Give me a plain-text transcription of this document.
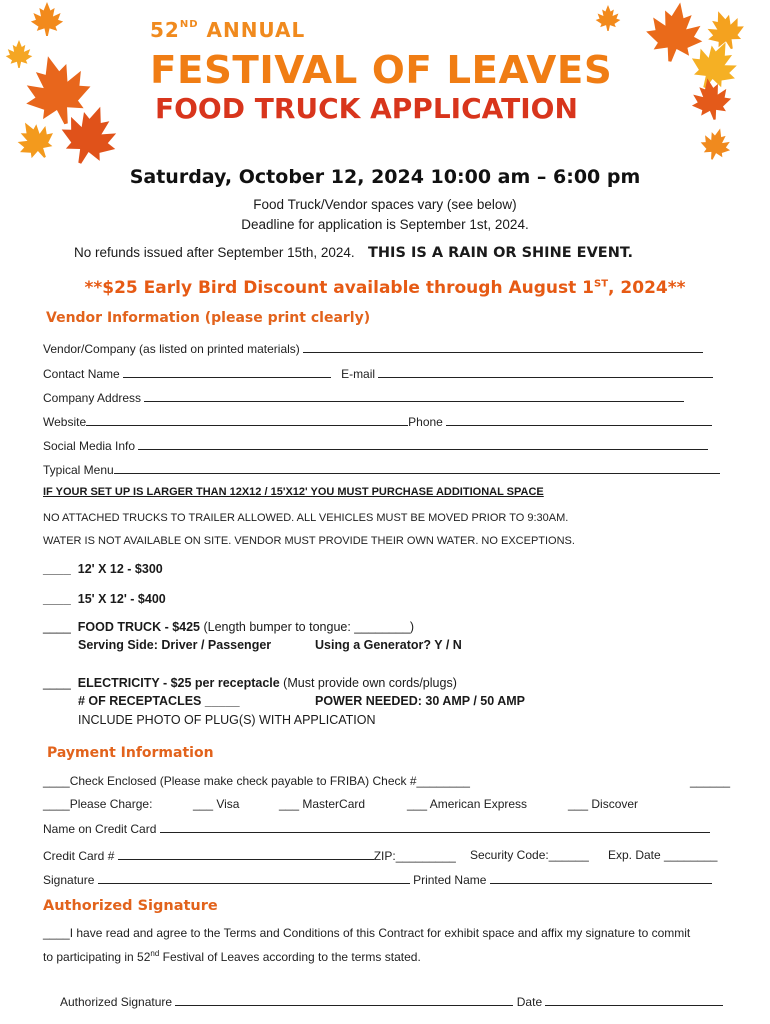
52ND ANNUAL
FESTIVAL OF LEAVES
FOOD TRUCK APPLICATION
Saturday, October 12, 2024 10:00 am – 6:00 pm
Food Truck/Vendor spaces vary (see below)
Deadline for application is September 1st, 2024.
No refunds issued after September 15th, 2024. THIS IS A RAIN OR SHINE EVENT.
**$25 Early Bird Discount available through August 1ST, 2024**
Vendor Information (please print clearly)
Vendor/Company (as listed on printed materials)
Contact Name	E-mail
Company Address
Website	Phone
Social Media Info
Typical Menu
IF YOUR SET UP IS LARGER THAN 12X12 / 15'X12' YOU MUST PURCHASE ADDITIONAL SPACE
NO ATTACHED TRUCKS TO TRAILER ALLOWED. ALL VEHICLES MUST BE MOVED PRIOR TO 9:30AM.
WATER IS NOT AVAILABLE ON SITE. VENDOR MUST PROVIDE THEIR OWN WATER. NO EXCEPTIONS.
____ 12' X 12 - $300
____ 15' X 12' - $400
____ FOOD TRUCK - $425 (Length bumper to tongue: ________)
Serving Side: Driver / Passenger	Using a Generator? Y / N
____ ELECTRICITY - $25 per receptacle (Must provide own cords/plugs)
# OF RECEPTACLES _____	POWER NEEDED: 30 AMP / 50 AMP
INCLUDE PHOTO OF PLUG(S) WITH APPLICATION
Payment Information
____Check Enclosed (Please make check payable to FRIBA) Check #________	______
____Please Charge:	___ Visa	___ MasterCard	___ American Express	___ Discover
Name on Credit Card
Credit Card #	ZIP:_________ Security Code:______ Exp. Date ________
Signature	Printed Name
Authorized Signature
____I have read and agree to the Terms and Conditions of this Contract for exhibit space and affix my signature to commit
to participating in 52nd Festival of Leaves according to the terms stated.
Authorized Signature	Date
